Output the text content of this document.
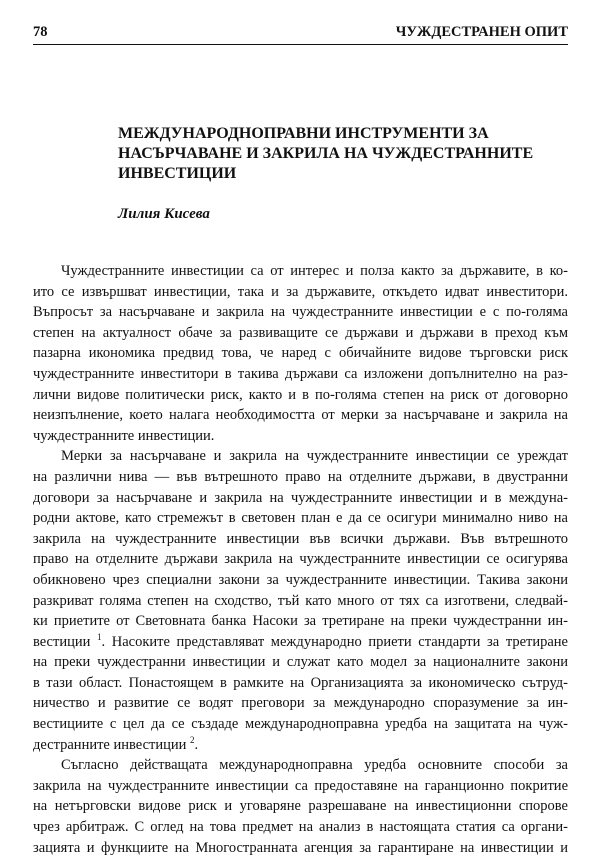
78	ЧУЖДЕСТРАНЕН ОПИТ
МЕЖДУНАРОДНОПРАВНИ ИНСТРУМЕНТИ ЗА
НАСЪРЧАВАНЕ И ЗАКРИЛА НА ЧУЖДЕСТРАННИТЕ
ИНВЕСТИЦИИ
Лилия Кисева

Чуждестранните инвестиции са от интерес и полза както за държавите, в ко-
ито се извършват инвестиции, така и за държавите, откъдето идват инвеститори.
Въпросът за насърчаване и закрила на чуждестранните инвестиции е с по-голяма
степен на актуалност обаче за развиващите се държави и държави в преход към
пазарна икономика предвид това, че наред с обичайните видове търговски риск
чуждестранните инвеститори в такива държави са изложени допълнително на раз-
лични видове политически риск, както и в по-голяма степен на риск от договорно
неизпълнение, което налага необходимостта от мерки за насърчаване и закрила на
чуждестранните инвестиции.

Мерки за насърчаване и закрила на чуждестранните инвестиции се уреждат
на различни нива — във вътрешното право на отделните държави, в двустранни
договори за насърчаване и закрила на чуждестранните инвестиции и в междуна-
родни актове, като стремежът в световен план е да се осигури минимално ниво на
закрила на чуждестранните инвестиции във всички държави. Във вътрешното
право на отделните държави закрила на чуждестранните инвестиции се осигурява
обикновено чрез специални закони за чуждестранните инвестиции. Такива закони
разкриват голяма степен на сходство, тъй като много от тях са изготвени, следвай-
ки приетите от Световната банка Насоки за третиране на преки чуждестранни ин-
вестиции $^1$. Насоките представляват международно приети стандарти за третиране
на преки чуждестранни инвестиции и служат като модел за националните закони
в тази област. Понастоящем в рамките на Организацията за икономическо сътруд-
ничество и развитие се водят преговори за международно споразумение за ин-
вестициите с цел да се създаде международноправна уредба на защитата на чуж-
дестранните инвестиции $^2$.

Съгласно действащата международноправна уредба основните способи за
закрила на чуждестранните инвестиции са предоставяне на гаранционно покритие
на нетърговски видове риск и уговаряне разрешаване на инвестиционни спорове
чрез арбитраж. С оглед на това предмет на анализ в настоящата статия са органи-
зацията и функциите на Многостранната агенция за гарантиране на инвестиции и
